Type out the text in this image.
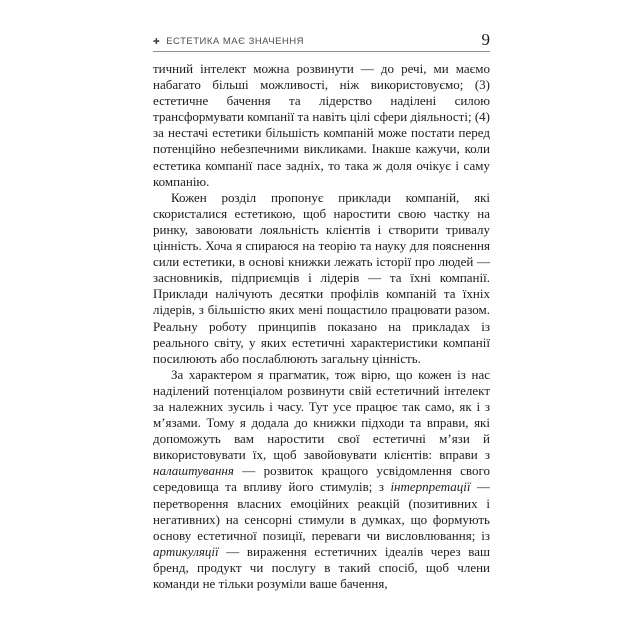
✚ ЕСТЕТИКА МАЄ ЗНАЧЕННЯ	9

тичний інтелект можна розвинути — до речі, ми маємо набагато більші можливості, ніж використовуємо; (3) естетичне бачення та лідерство наділені силою трансформувати компанії та навіть цілі сфери діяльності; (4) за нестачі естетики більшість компаній може постати перед потенційно небезпечними викликами. Інакше кажучи, коли естетика компанії пасе задніх, то така ж доля очікує і саму компанію.

Кожен розділ пропонує приклади компаній, які скористалися естетикою, щоб наростити свою частку на ринку, завоювати лояльність клієнтів і створити тривалу цінність. Хоча я спираюся на теорію та науку для пояснення сили естетики, в основі книжки лежать історії про людей — засновників, підприємців і лідерів — та їхні компанії. Приклади налічують десятки профілів компаній та їхніх лідерів, з більшістю яких мені пощастило працювати разом. Реальну роботу принципів показано на прикладах із реального світу, у яких естетичні характеристики компанії посилюють або послаблюють загальну цінність.

За характером я прагматик, тож вірю, що кожен із нас наділений потенціалом розвинути свій естетичний інтелект за належних зусиль і часу. Тут усе працює так само, як і з м’язами. Тому я додала до книжки підходи та вправи, які допоможуть вам наростити свої естетичні м’язи й використовувати їх, щоб завойовувати клієнтів: вправи з налаштування — розвиток кращого усвідомлення свого середовища та впливу його стимулів; з інтерпретації — перетворення власних емоційних реакцій (позитивних і негативних) на сенсорні стимули в думках, що формують основу естетичної позиції, переваги чи висловлювання; із артикуляції — вираження естетичних ідеалів через ваш бренд, продукт чи послугу в такий спосіб, щоб члени команди не тільки розуміли ваше бачення,
